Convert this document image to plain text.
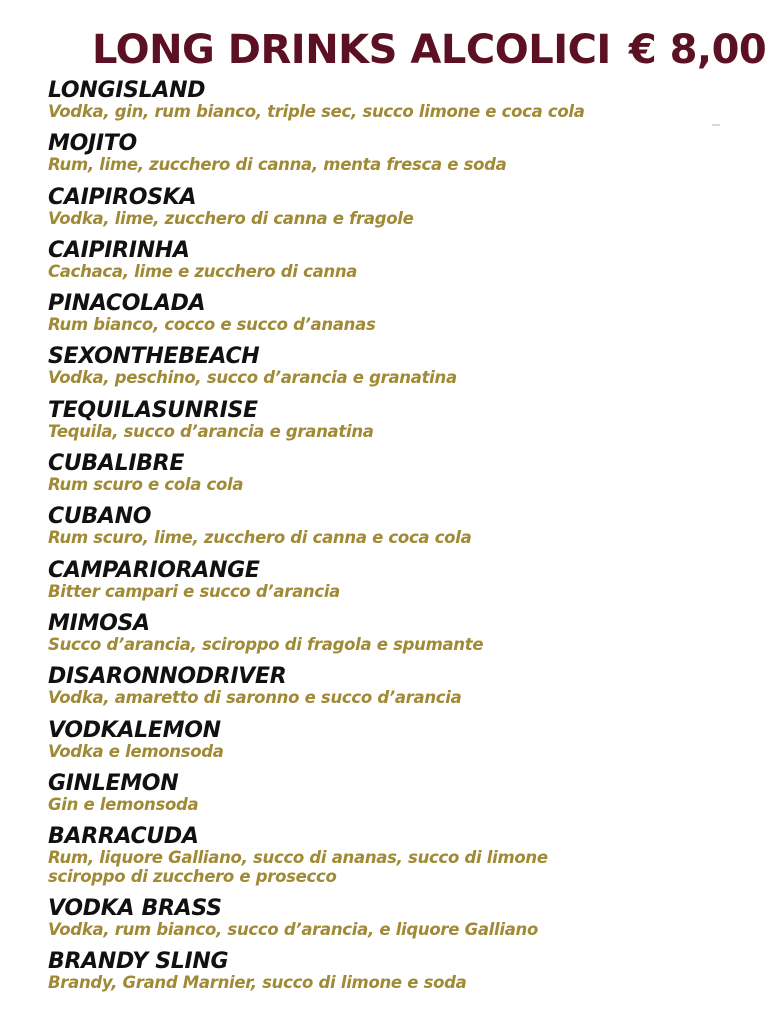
LONG DRINKS ALCOLICI € 8,00
LONGISLAND
Vodka, gin, rum bianco, triple sec, succo limone e coca cola
MOJITO
Rum, lime, zucchero di canna, menta fresca e soda
CAIPIROSKA
Vodka, lime, zucchero di canna e fragole
CAIPIRINHA
Cachaca, lime e zucchero di canna
PINACOLADA
Rum bianco, cocco e succo d’ananas
SEXONTHEBEACH
Vodka, peschino, succo d’arancia e granatina
TEQUILASUNRISE
Tequila, succo d’arancia e granatina
CUBALIBRE
Rum scuro e cola cola
CUBANO
Rum scuro, lime, zucchero di canna e coca cola
CAMPARIORANGE
Bitter campari e succo d’arancia
MIMOSA
Succo d’arancia, sciroppo di fragola e spumante
DISARONNODRIVER
Vodka, amaretto di saronno e succo d’arancia
VODKALEMON
Vodka e lemonsoda
GINLEMON
Gin e lemonsoda
BARRACUDA
Rum, liquore Galliano, succo di ananas, succo di limone
sciroppo di zucchero e prosecco
VODKA BRASS
Vodka, rum bianco, succo d’arancia, e liquore Galliano
BRANDY SLING
Brandy, Grand Marnier, succo di limone e soda
